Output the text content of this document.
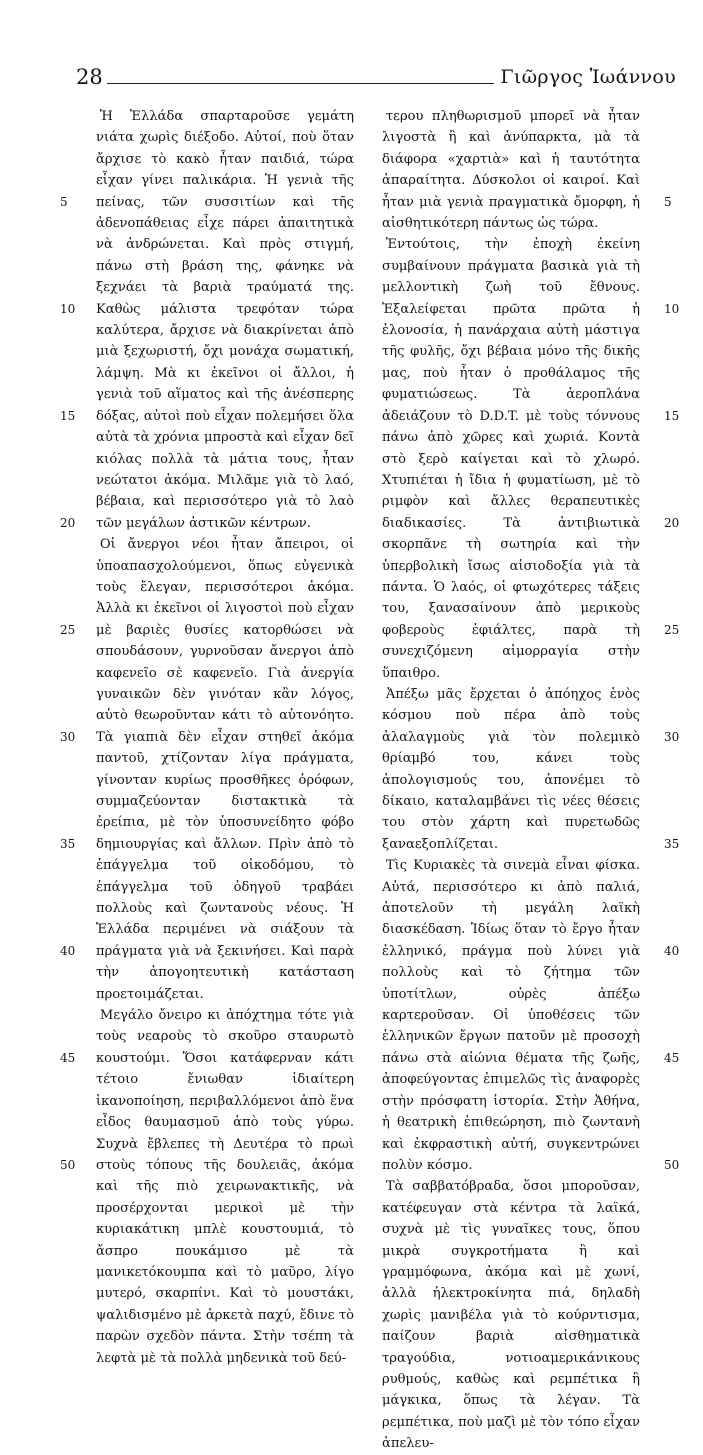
28	Γιῶργος Ἰωάννου
5
10
15
20
25
30
35
40
45
50

Ἡ Ἑλλάδα σπαρταροῦσε γεμάτη νιάτα χωρὶς διέξοδο. Αὐτοί, ποὺ ὅταν ἄρχισε τὸ κακὸ ἦταν παιδιά, τώρα εἶχαν γίνει παλικάρια. Ἡ γενιὰ τῆς πείνας, τῶν συσσιτίων καὶ τῆς ἀδενοπάθειας εἶχε πάρει ἀπαιτητικὰ νὰ ἀνδρώνεται. Καὶ πρὸς στιγμή, πάνω στὴ βράση της, φάνηκε νὰ ξεχνάει τὰ βαριὰ τραύματά της. Καθὼς μάλιστα τρεφόταν τώρα καλύτερα, ἄρχισε νὰ διακρίνεται ἀπὸ μιὰ ξεχωριστή, ὄχι μονάχα σωματική, λάμψη. Μὰ κι ἐκεῖνοι οἱ ἄλλοι, ἡ γενιὰ τοῦ αἵματος καὶ τῆς ἀνέσπερης δόξας, αὐτοὶ ποὺ εἶχαν πολεμήσει ὅλα αὐτὰ τὰ χρόνια μπροστὰ καὶ εἶχαν δεῖ κιόλας πολλὰ τὰ μάτια τους, ἦταν νεώτατοι ἀκόμα. Μιλᾶμε γιὰ τὸ λαό, βέβαια, καὶ περισσότερο γιὰ τὸ λαὸ τῶν μεγάλων ἀστικῶν κέντρων.

Οἱ ἄνεργοι νέοι ἦταν ἄπειροι, οἱ ὑποαπασχολούμενοι, ὅπως εὐγενικὰ τοὺς ἔλεγαν, περισσότεροι ἀκόμα. Ἀλλὰ κι ἐκεῖνοι οἱ λιγοστοὶ ποὺ εἶχαν μὲ βαριὲς θυσίες κατορθώσει νὰ σπουδάσουν, γυρνοῦσαν ἄνεργοι ἀπὸ καφενεῖο σὲ καφενεῖο. Γιὰ ἀνεργία γυναικῶν δὲν γινόταν κἂν λόγος, αὐτὸ θεωροῦνταν κάτι τὸ αὐτονόητο. Τὰ γιαπιὰ δὲν εἶχαν στηθεῖ ἀκόμα παντοῦ, χτίζονταν λίγα πράγματα, γίνονταν κυρίως προσθῆκες ὀρόφων, συμμαζεύονταν διστακτικὰ τὰ ἐρείπια, μὲ τὸν ὑποσυνείδητο φόβο δημιουργίας καὶ ἄλλων. Πρὶν ἀπὸ τὸ ἐπάγγελμα τοῦ οἰκοδόμου, τὸ ἐπάγγελμα τοῦ ὁδηγοῦ τραβάει πολλοὺς καὶ ζωντανοὺς νέους. Ἡ Ἑλλάδα περιμένει νὰ σιάξουν τὰ πράγματα γιὰ νὰ ξεκινήσει. Καὶ παρὰ τὴν ἀπογοητευτικὴ κατάσταση προετοιμάζεται.

Μεγάλο ὄνειρο κι ἀπόχτημα τότε γιὰ τοὺς νεαροὺς τὸ σκοῦρο σταυρωτὸ κουστούμι. Ὅσοι κατάφερναν κάτι τέτοιο ἔνιωθαν ἰδιαίτερη ἱκανοποίηση, περιβαλλόμενοι ἀπὸ ἕνα εἶδος θαυμασμοῦ ἀπὸ τοὺς γύρω. Συχνὰ ἔβλεπες τὴ Δευτέρα τὸ πρωὶ στοὺς τόπους τῆς δουλειᾶς, ἀκόμα καὶ τῆς πιὸ χειρωνακτικῆς, νὰ προσέρχονται μερικοὶ μὲ τὴν κυριακάτικη μπλὲ κουστουμιά, τὸ ἄσπρο πουκάμισο μὲ τὰ μανικετόκουμπα καὶ τὸ μαῦρο, λίγο μυτερό, σκαρπίνι. Καὶ τὸ μουστάκι, ψαλιδισμένο μὲ ἀρκετὰ παχύ, ἔδινε τὸ παρὼν σχεδὸν πάντα. Στὴν τσέπη τὰ λεφτὰ μὲ τὰ πολλὰ μηδενικὰ τοῦ δεύ-

τερου πληθωρισμοῦ μπορεῖ νὰ ἦταν λιγοστὰ ἢ καὶ ἀνύπαρκτα, μὰ τὰ διάφορα «χαρτιὰ» καὶ ἡ ταυτότητα ἀπαραίτητα. Δύσκολοι οἱ καιροί. Καὶ ἦταν μιὰ γενιὰ πραγματικὰ ὄμορφη, ἡ αἰσθητικότερη πάντως ὡς τώρα.

Ἐντούτοις, τὴν ἐποχὴ ἐκείνη συμβαίνουν πράγματα βασικὰ γιὰ τὴ μελλοντικὴ ζωὴ τοῦ ἔθνους. Ἐξαλείφεται πρῶτα πρῶτα ἡ ἑλονοσία, ἡ πανάρχαια αὐτὴ μάστιγα τῆς φυλῆς, ὄχι βέβαια μόνο τῆς δικῆς μας, ποὺ ἦταν ὁ προθάλαμος τῆς φυματιώσεως. Τὰ ἀεροπλάνα ἀδειάζουν τὸ D.D.T. μὲ τοὺς τόννους πάνω ἀπὸ χῶρες καὶ χωριά. Κοντὰ στὸ ξερὸ καίγεται καὶ τὸ χλωρό. Χτυπιέται ἡ ἴδια ἡ φυματίωση, μὲ τὸ ριμφὸν καὶ ἄλλες θεραπευτικὲς διαδικασίες. Τὰ ἀντιβιωτικὰ σκορπᾶνε τὴ σωτηρία καὶ τὴν ὑπερβολικὴ ἴσως αἰσιοδοξία γιὰ τὰ πάντα. Ὁ λαός, οἱ φτωχότερες τάξεις του, ξανασαίνουν ἀπὸ μερικοὺς φοβεροὺς ἐφιάλτες, παρὰ τὴ συνεχιζόμενη αἱμορραγία στὴν ὕπαιθρο.

Ἀπέξω μᾶς ἔρχεται ὁ ἀπόηχος ἑνὸς κόσμου ποὺ πέρα ἀπὸ τοὺς ἀλαλαγμοὺς γιὰ τὸν πολεμικὸ θρίαμβό του, κάνει τοὺς ἀπολογισμούς του, ἀπονέμει τὸ δίκαιο, καταλαμβάνει τὶς νέες θέσεις του στὸν χάρτη καὶ πυρετωδῶς ξαναεξοπλίζεται.

Τὶς Κυριακὲς τὰ σινεμὰ εἶναι φίσκα. Αὐτά, περισσότερο κι ἀπὸ παλιά, ἀποτελοῦν τὴ μεγάλη λαϊκὴ διασκέδαση. Ἰδίως ὅταν τὸ ἔργο ἦταν ἑλληνικό, πράγμα ποὺ λύνει γιὰ πολλοὺς καὶ τὸ ζήτημα τῶν ὑποτίτλων, οὐρὲς ἀπέξω καρτεροῦσαν. Οἱ ὑποθέσεις τῶν ἑλληνικῶν ἔργων πατοῦν μὲ προσοχὴ πάνω στὰ αἰώνια θέματα τῆς ζωῆς, ἀποφεύγοντας ἐπιμελῶς τὶς ἀναφορὲς στὴν πρόσφατη ἱστορία. Στὴν Ἀθήνα, ἡ θεατρικὴ ἐπιθεώρηση, πιὸ ζωντανὴ καὶ ἐκφραστικὴ αὐτή, συγκεντρώνει πολὺν κόσμο.

Τὰ σαββατόβραδα, ὅσοι μποροῦσαν, κατέφευγαν στὰ κέντρα τὰ λαϊκά, συχνὰ μὲ τὶς γυναῖκες τους, ὅπου μικρὰ συγκροτήματα ἢ καὶ γραμμόφωνα, ἀκόμα καὶ μὲ χωνί, ἀλλὰ ἠλεκτροκίνητα πιά, δηλαδὴ χωρὶς μανιβέλα γιὰ τὸ κούρντισμα, παίζουν βαριὰ αἰσθηματικὰ τραγούδια, νοτιοαμερικάνικους ρυθμούς, καθὼς καὶ ρεμπέτικα ἢ μάγκικα, ὅπως τὰ λέγαν. Τὰ ρεμπέτικα, ποὺ μαζὶ μὲ τὸν τόπο εἶχαν ἀπελευ-

5
10
15
20
25
30
35
40
45
50
